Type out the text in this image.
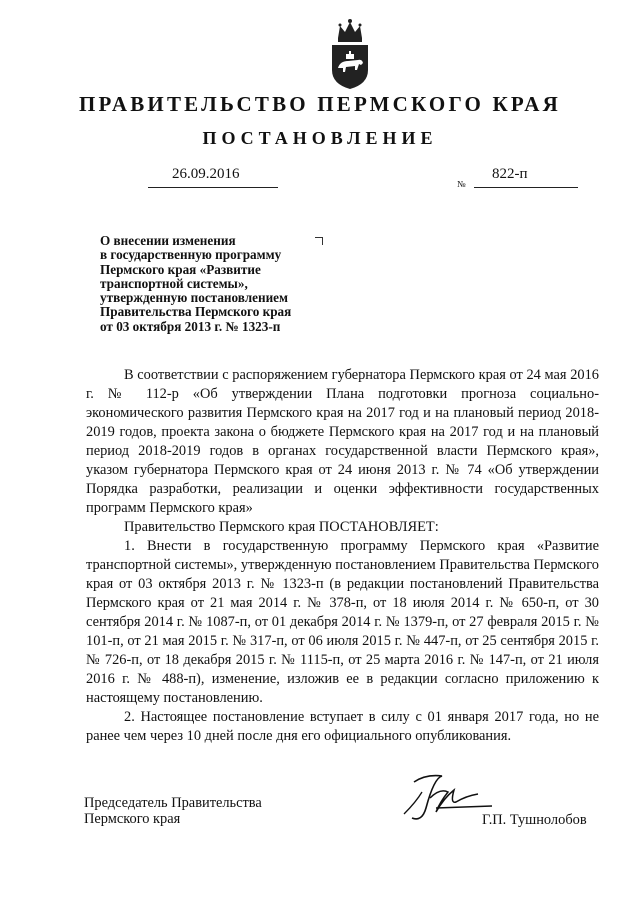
ПРАВИТЕЛЬСТВО ПЕРМСКОГО КРАЯ
ПОСТАНОВЛЕНИЕ
26.09.2016
№
822-п
О внесении изменения
в государственную программу
Пермского края «Развитие
транспортной системы»,
утвержденную постановлением
Правительства Пермского края
от 03 октября 2013 г. № 1323-п

В соответствии с распоряжением губернатора Пермского края от 24 мая 2016 г. № 112-р «Об утверждении Плана подготовки прогноза социально-экономического развития Пермского края на 2017 год и на плановый период 2018-2019 годов, проекта закона о бюджете Пермского края на 2017 год и на плановый период 2018-2019 годов в органах государственной власти Пермского края», указом губернатора Пермского края от 24 июня 2013 г. № 74 «Об утверждении Порядка разработки, реализации и оценки эффективности государственных программ Пермского края»

Правительство Пермского края ПОСТАНОВЛЯЕТ:

1. Внести в государственную программу Пермского края «Развитие транспортной системы», утвержденную постановлением Правительства Пермского края от 03 октября 2013 г. № 1323-п (в редакции постановлений Правительства Пермского края от 21 мая 2014 г. № 378-п, от 18 июля 2014 г. № 650-п, от 30 сентября 2014 г. № 1087-п, от 01 декабря 2014 г. № 1379-п, от 27 февраля 2015 г. № 101-п, от 21 мая 2015 г. № 317-п, от 06 июля 2015 г. № 447-п, от 25 сентября 2015 г. № 726-п, от 18 декабря 2015 г. № 1115-п, от 25 марта 2016 г. № 147-п, от 21 июля 2016 г. № 488-п), изменение, изложив ее в редакции согласно приложению к настоящему постановлению.

2. Настоящее постановление вступает в силу с 01 января 2017 года, но не ранее чем через 10 дней после дня его официального опубликования.

Председатель Правительства
Пермского края	Г.П. Тушнолобов
